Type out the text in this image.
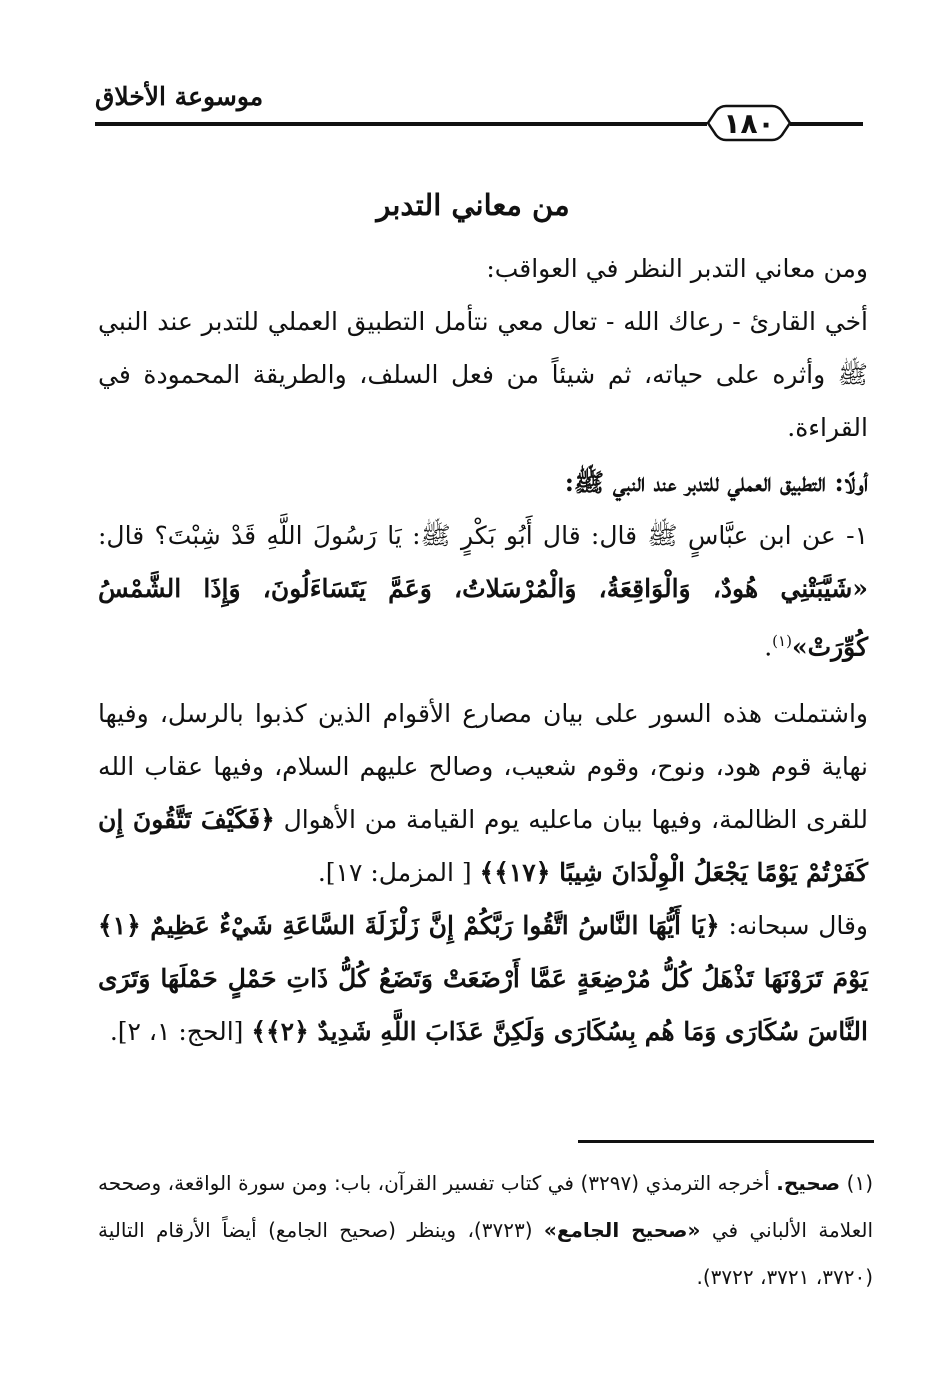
١٨٠
موسوعة الأخلاق
من معاني التدبر

ومن معاني التدبر النظر في العواقب:

أخي القارئ - رعاك الله - تعال معي نتأمل التطبيق العملي للتدبر عند النبي ﷺ وأثره على حياته، ثم شيئاً من فعل السلف، والطريقة المحمودة في القراءة.

أولًا: التطبيق العملي للتدبر عند النبي ﷺ:

١- عن ابن عبَّاسٍ ﷺ قال: قال أَبُو بَكْرٍ ﷺ: يَا رَسُولَ اللَّهِ قَدْ شِبْتَ؟ قال: «شَيَّبَتْنِي هُودٌ، وَالْوَاقِعَةُ، وَالْمُرْسَلاتُ، وَعَمَّ يَتَسَاءَلُونَ، وَإِذَا الشَّمْسُ كُوِّرَتْ»$^{(١)}$.

واشتملت هذه السور على بيان مصارع الأقوام الذين كذبوا بالرسل، وفيها نهاية قوم هود، ونوح، وقوم شعيب، وصالح عليهم السلام، وفيها عقاب الله للقرى الظالمة، وفيها بيان ماعليه يوم القيامة من الأهوال ﴿فَكَيْفَ تَتَّقُونَ إِن كَفَرْتُمْ يَوْمًا يَجْعَلُ الْوِلْدَانَ شِيبًا ﴿١٧﴾﴾ [ المزمل: ١٧].

وقال سبحانه: ﴿يَا أَيُّهَا النَّاسُ اتَّقُوا رَبَّكُمْ إِنَّ زَلْزَلَةَ السَّاعَةِ شَيْءٌ عَظِيمٌ ﴿١﴾ يَوْمَ تَرَوْنَهَا تَذْهَلُ كُلُّ مُرْضِعَةٍ عَمَّا أَرْضَعَتْ وَتَضَعُ كُلُّ ذَاتِ حَمْلٍ حَمْلَهَا وَتَرَى النَّاسَ سُكَارَى وَمَا هُم بِسُكَارَى وَلَكِنَّ عَذَابَ اللَّهِ شَدِيدٌ ﴿٢﴾﴾ [الحج: ١، ٢].

(١) صحيح. أخرجه الترمذي (٣٢٩٧) في كتاب تفسير القرآن، باب: ومن سورة الواقعة، وصححه العلامة الألباني في «صحيح الجامع» (٣٧٢٣)، وينظر (صحيح الجامع) أيضاً الأرقام التالية (٣٧٢٠، ٣٧٢١، ٣٧٢٢).
